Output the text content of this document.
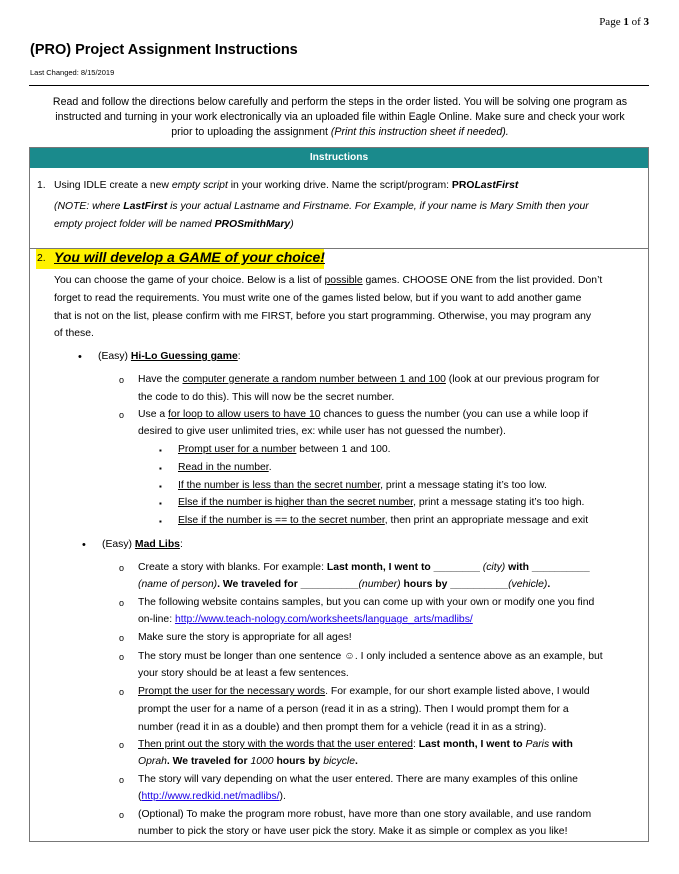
Page 1 of 3
(PRO) Project Assignment Instructions
Last Changed: 8/15/2019
Read and follow the directions below carefully and perform the steps in the order listed. You will be solving one program as
instructed and turning in your work electronically via an uploaded file within Eagle Online. Make sure and check your work
prior to uploading the assignment (Print this instruction sheet if needed).
Instructions
1. Using IDLE create a new empty script in your working drive. Name the script/program: PROLastFirst
(NOTE: where LastFirst is your actual Lastname and Firstname. For Example, if your name is Mary Smith then your
empty project folder will be named PROSmithMary)
2. You will develop a GAME of your choice!
You can choose the game of your choice. Below is a list of possible games. CHOOSE ONE from the list provided. Don’t
forget to read the requirements. You must write one of the games listed below, but if you want to add another game
that is not on the list, please confirm with me FIRST, before you start programming. Otherwise, you may program any
of these.
• (Easy) Hi-Lo Guessing game:
o Have the computer generate a random number between 1 and 100 (look at our previous program for
the code to do this). This will now be the secret number.
o Use a for loop to allow users to have 10 chances to guess the number (you can use a while loop if
desired to give user unlimited tries, ex: while user has not guessed the number).
▪ Prompt user for a number between 1 and 100.
▪ Read in the number.
▪ If the number is less than the secret number, print a message stating it’s too low.
▪ Else if the number is higher than the secret number, print a message stating it’s too high.
▪ Else if the number is == to the secret number, then print an appropriate message and exit
• (Easy) Mad Libs:
o Create a story with blanks. For example: Last month, I went to ________ (city) with __________
(name of person). We traveled for __________(number) hours by __________(vehicle).
o The following website contains samples, but you can come up with your own or modify one you find
on-line: http://www.teach-nology.com/worksheets/language_arts/madlibs/
o Make sure the story is appropriate for all ages!
o The story must be longer than one sentence ☺. I only included a sentence above as an example, but
your story should be at least a few sentences.
o Prompt the user for the necessary words. For example, for our short example listed above, I would
prompt the user for a name of a person (read it in as a string). Then I would prompt them for a
number (read it in as a double) and then prompt them for a vehicle (read it in as a string).
o Then print out the story with the words that the user entered: Last month, I went to Paris with
Oprah. We traveled for 1000 hours by bicycle.
o The story will vary depending on what the user entered. There are many examples of this online
(http://www.redkid.net/madlibs/).
o (Optional) To make the program more robust, have more than one story available, and use random
number to pick the story or have user pick the story. Make it as simple or complex as you like!
